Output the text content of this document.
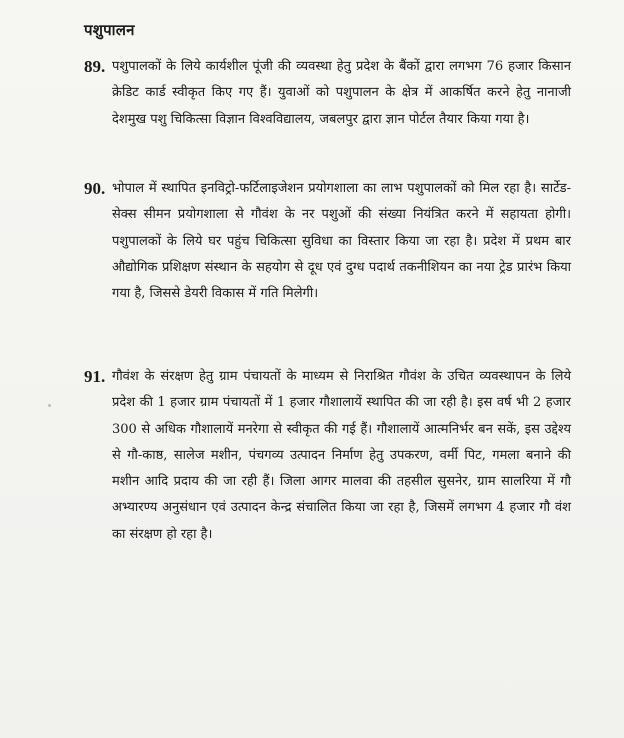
पशुपालन
89. पशुपालकों के लिये कार्यशील पूंजी की व्यवस्था हेतु प्रदेश के बैंकों द्वारा लगभग 76 हजार किसान क्रेडिट कार्ड स्वीकृत किए गए हैं। युवाओं को पशुपालन के क्षेत्र में आकर्षित करने हेतु नानाजी देशमुख पशु चिकित्सा विज्ञान विश्वविद्यालय, जबलपुर द्वारा ज्ञान पोर्टल तैयार किया गया है।
90. भोपाल में स्थापित इनविट्रो-फर्टिलाइजेशन प्रयोगशाला का लाभ पशुपालकों को मिल रहा है। सार्टेड-सेक्स सीमन प्रयोगशाला से गौवंश के नर पशुओं की संख्या नियंत्रित करने में सहायता होगी। पशुपालकों के लिये घर पहुंच चिकित्सा सुविधा का विस्तार किया जा रहा है। प्रदेश में प्रथम बार औद्योगिक प्रशिक्षण संस्थान के सहयोग से दूध एवं दुग्ध पदार्थ तकनीशियन का नया ट्रेड प्रारंभ किया गया है, जिससे डेयरी विकास में गति मिलेगी।
91. गौवंश के संरक्षण हेतु ग्राम पंचायतों के माध्यम से निराश्रित गौवंश के उचित व्यवस्थापन के लिये प्रदेश की 1 हजार ग्राम पंचायतों में 1 हजार गौशालायें स्थापित की जा रही है। इस वर्ष भी 2 हजार 300 से अधिक गौशालायें मनरेगा से स्वीकृत की गई हैं। गौशालायें आत्मनिर्भर बन सकें, इस उद्देश्य से गौ-काष्ठ, सालेज मशीन, पंचगव्य उत्पादन निर्माण हेतु उपकरण, वर्मी पिट, गमला बनाने की मशीन आदि प्रदाय की जा रही हैं। जिला आगर मालवा की तहसील सुसनेर, ग्राम सालरिया में गौ अभ्यारण्य अनुसंधान एवं उत्पादन केन्द्र संचालित किया जा रहा है, जिसमें लगभग 4 हजार गौ वंश का संरक्षण हो रहा है।
